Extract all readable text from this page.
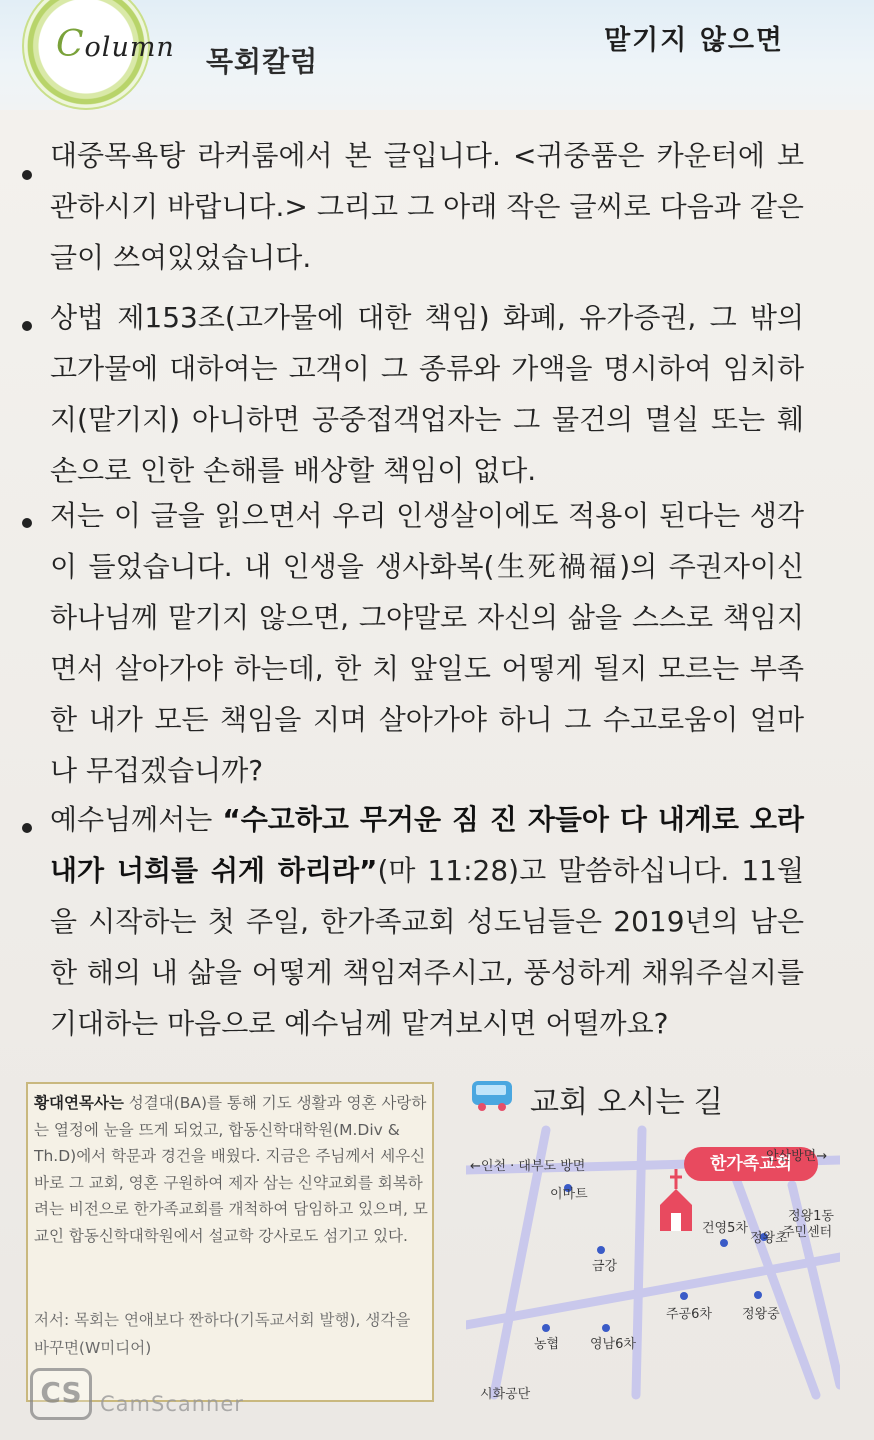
Column 목회칼럼
맡기지 않으면
대중목욕탕 라커룸에서 본 글입니다. <귀중품은 카운터에 보관하시기 바랍니다.> 그리고 그 아래 작은 글씨로 다음과 같은 글이 쓰여있었습니다.
상법 제153조(고가물에 대한 책임) 화폐, 유가증권, 그 밖의 고가물에 대하여는 고객이 그 종류와 가액을 명시하여 임치하지(맡기지) 아니하면 공중접객업자는 그 물건의 멸실 또는 훼손으로 인한 손해를 배상할 책임이 없다.
저는 이 글을 읽으면서 우리 인생살이에도 적용이 된다는 생각이 들었습니다. 내 인생을 생사화복(生死禍福)의 주권자이신 하나님께 맡기지 않으면, 그야말로 자신의 삶을 스스로 책임지면서 살아가야 하는데, 한 치 앞일도 어떻게 될지 모르는 부족한 내가 모든 책임을 지며 살아가야 하니 그 수고로움이 얼마나 무겁겠습니까?
예수님께서는 “수고하고 무거운 짐 진 자들아 다 내게로 오라 내가 너희를 쉬게 하리라”(마 11:28)고 말씀하십니다. 11월을 시작하는 첫 주일, 한가족교회 성도님들은 2019년의 남은 한 해의 내 삶을 어떻게 책임져주시고, 풍성하게 채워주실지를 기대하는 마음으로 예수님께 맡겨보시면 어떨까요?
황대연목사는 성결대(BA)를 통해 기도 생활과 영혼 사랑하는 열정에 눈을 뜨게 되었고, 합동신학대학원(M.Div & Th.D)에서 학문과 경건을 배웠다. 지금은 주님께서 세우신 바로 그 교회, 영혼 구원하여 제자 삼는 신약교회를 회복하려는 비전으로 한가족교회를 개척하여 담임하고 있으며, 모교인 합동신학대학원에서 설교학 강사로도 섬기고 있다.
저서: 목회는 연애보다 짠하다(기독교서회 발행), 생각을 바꾸면(W미디어)
교회 오시는 길
한가족교회
←인천 · 대부도 방면
안산방면→
이마트
건영5차
정왕초
정왕1동
주민센터
금강
주공6차 정왕중
농협 영남6차
시화공단
CS CamScanner
